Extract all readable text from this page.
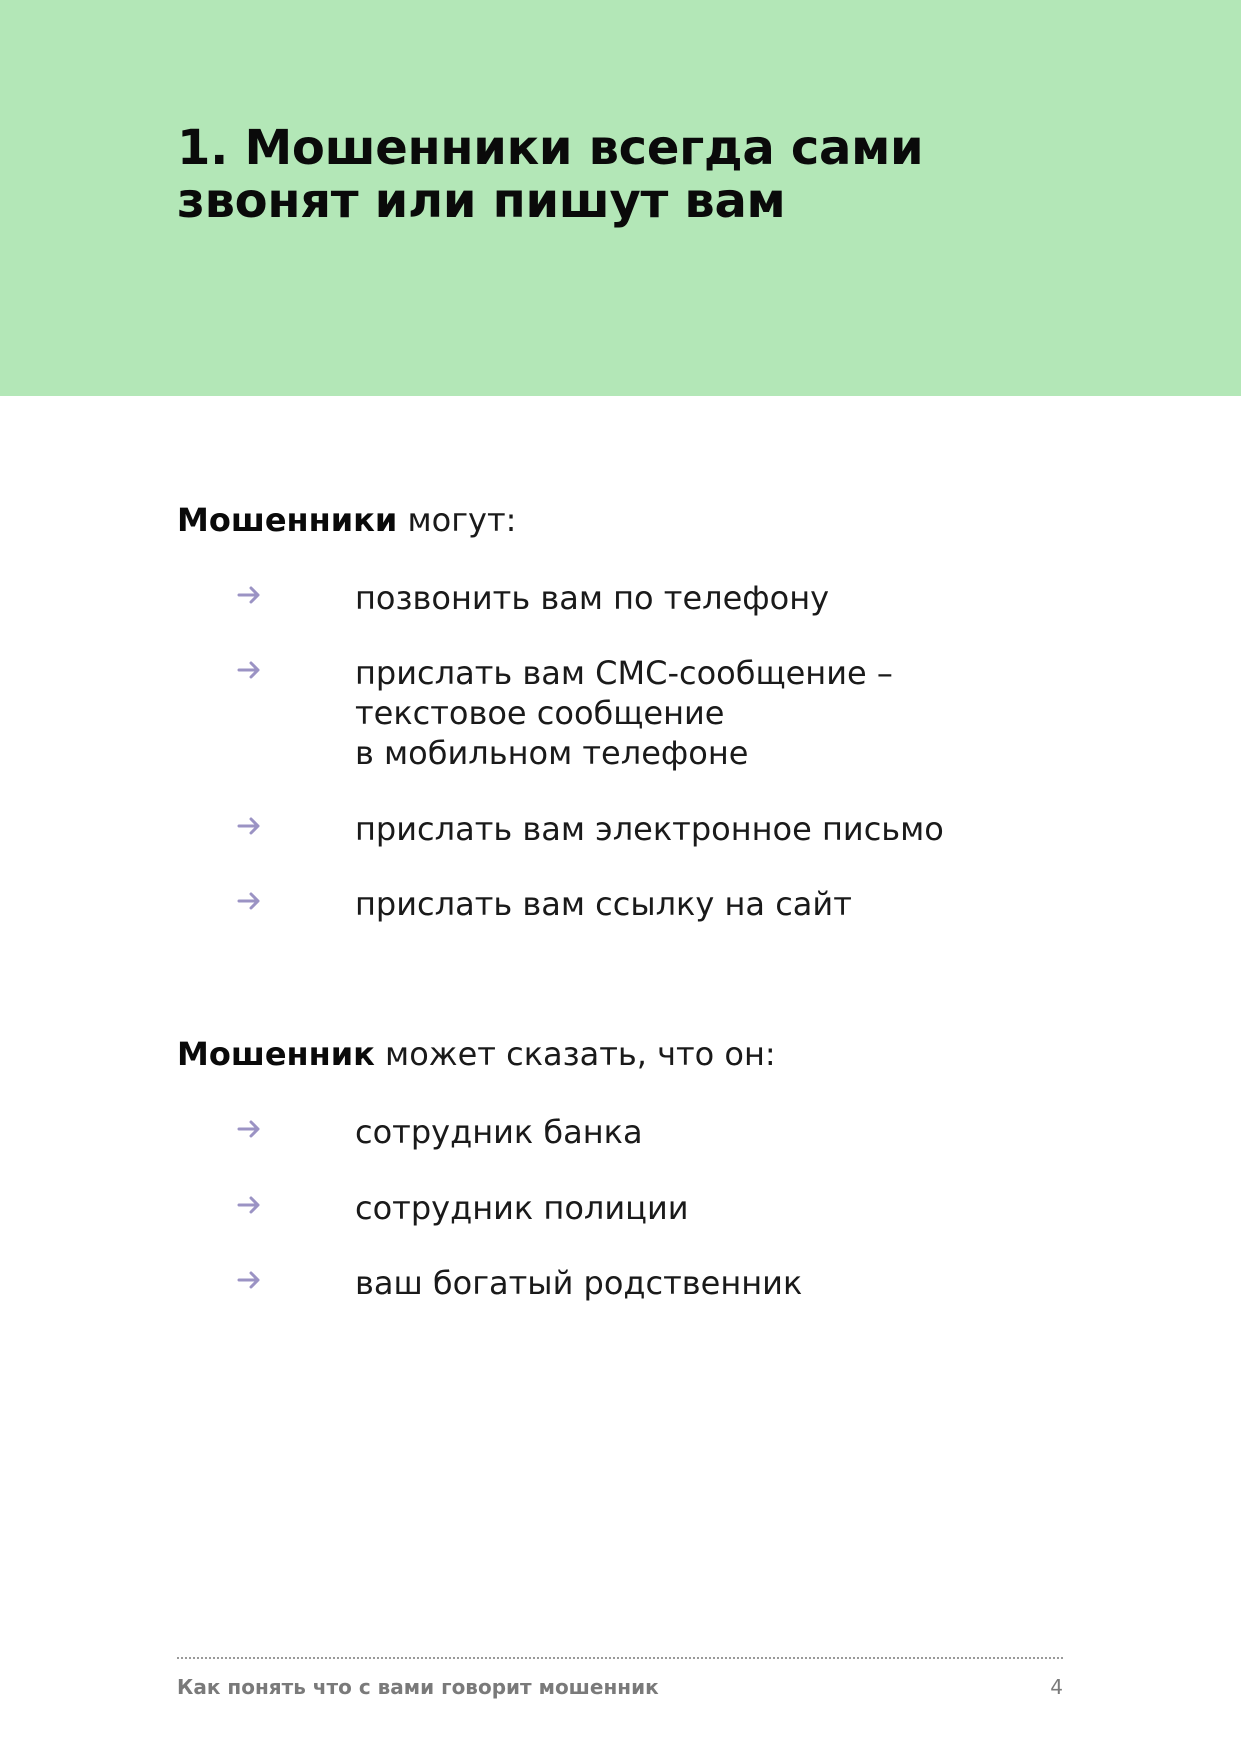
1. Мошенники всегда сами звонят или пишут вам

Мошенники могут:

позвонить вам по телефону
прислать вам СМС-сообщение –
текстовое сообщение
в мобильном телефоне
прислать вам электронное письмо
прислать вам ссылку на сайт

Мошенник может сказать, что он:

сотрудник банка
сотрудник полиции
ваш богатый родственник
Как понять что с вами говорит мошенник	4
